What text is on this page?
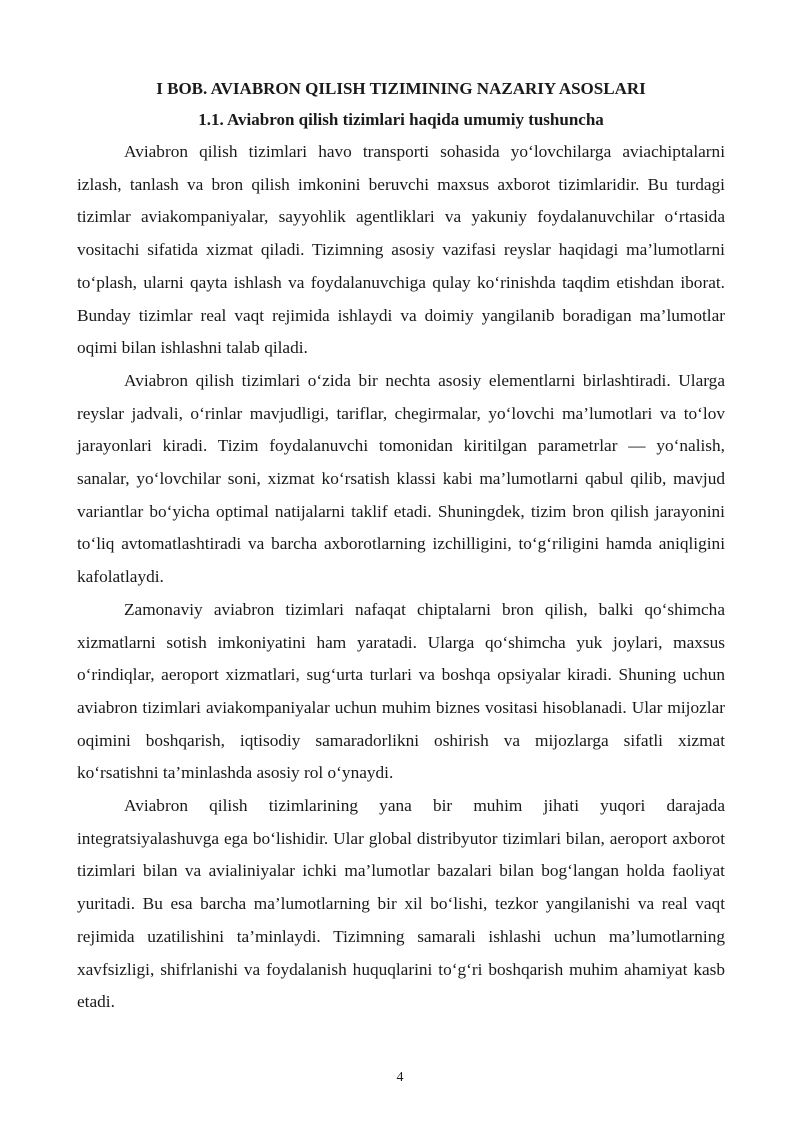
I BOB. AVIABRON QILISH TIZIMINING NAZARIY ASOSLARI
1.1. Aviabron qilish tizimlari haqida umumiy tushuncha

Aviabron qilish tizimlari havo transporti sohasida yo‘lovchilarga aviachiptalarni izlash, tanlash va bron qilish imkonini beruvchi maxsus axborot tizimlaridir. Bu turdagi tizimlar aviakompaniyalar, sayyohlik agentliklari va yakuniy foydalanuvchilar o‘rtasida vositachi sifatida xizmat qiladi. Tizimning asosiy vazifasi reyslar haqidagi ma’lumotlarni to‘plash, ularni qayta ishlash va foydalanuvchiga qulay ko‘rinishda taqdim etishdan iborat. Bunday tizimlar real vaqt rejimida ishlaydi va doimiy yangilanib boradigan ma’lumotlar oqimi bilan ishlashni talab qiladi.

Aviabron qilish tizimlari o‘zida bir nechta asosiy elementlarni birlashtiradi. Ularga reyslar jadvali, o‘rinlar mavjudligi, tariflar, chegirmalar, yo‘lovchi ma’lumotlari va to‘lov jarayonlari kiradi. Tizim foydalanuvchi tomonidan kiritilgan parametrlar — yo‘nalish, sanalar, yo‘lovchilar soni, xizmat ko‘rsatish klassi kabi ma’lumotlarni qabul qilib, mavjud variantlar bo‘yicha optimal natijalarni taklif etadi. Shuningdek, tizim bron qilish jarayonini to‘liq avtomatlashtiradi va barcha axborotlarning izchilligini, to‘g‘riligini hamda aniqligini kafolatlaydi.

Zamonaviy aviabron tizimlari nafaqat chiptalarni bron qilish, balki qo‘shimcha xizmatlarni sotish imkoniyatini ham yaratadi. Ularga qo‘shimcha yuk joylari, maxsus o‘rindiqlar, aeroport xizmatlari, sug‘urta turlari va boshqa opsiyalar kiradi. Shuning uchun aviabron tizimlari aviakompaniyalar uchun muhim biznes vositasi hisoblanadi. Ular mijozlar oqimini boshqarish, iqtisodiy samaradorlikni oshirish va mijozlarga sifatli xizmat ko‘rsatishni ta’minlashda asosiy rol o‘ynaydi.

Aviabron qilish tizimlarining yana bir muhim jihati yuqori darajada integratsiyalashuvga ega bo‘lishidir. Ular global distribyutor tizimlari bilan, aeroport axborot tizimlari bilan va avialiniyalar ichki ma’lumotlar bazalari bilan bog‘langan holda faoliyat yuritadi. Bu esa barcha ma’lumotlarning bir xil bo‘lishi, tezkor yangilanishi va real vaqt rejimida uzatilishini ta’minlaydi. Tizimning samarali ishlashi uchun ma’lumotlarning xavfsizligi, shifrlanishi va foydalanish huquqlarini to‘g‘ri boshqarish muhim ahamiyat kasb etadi.

4
